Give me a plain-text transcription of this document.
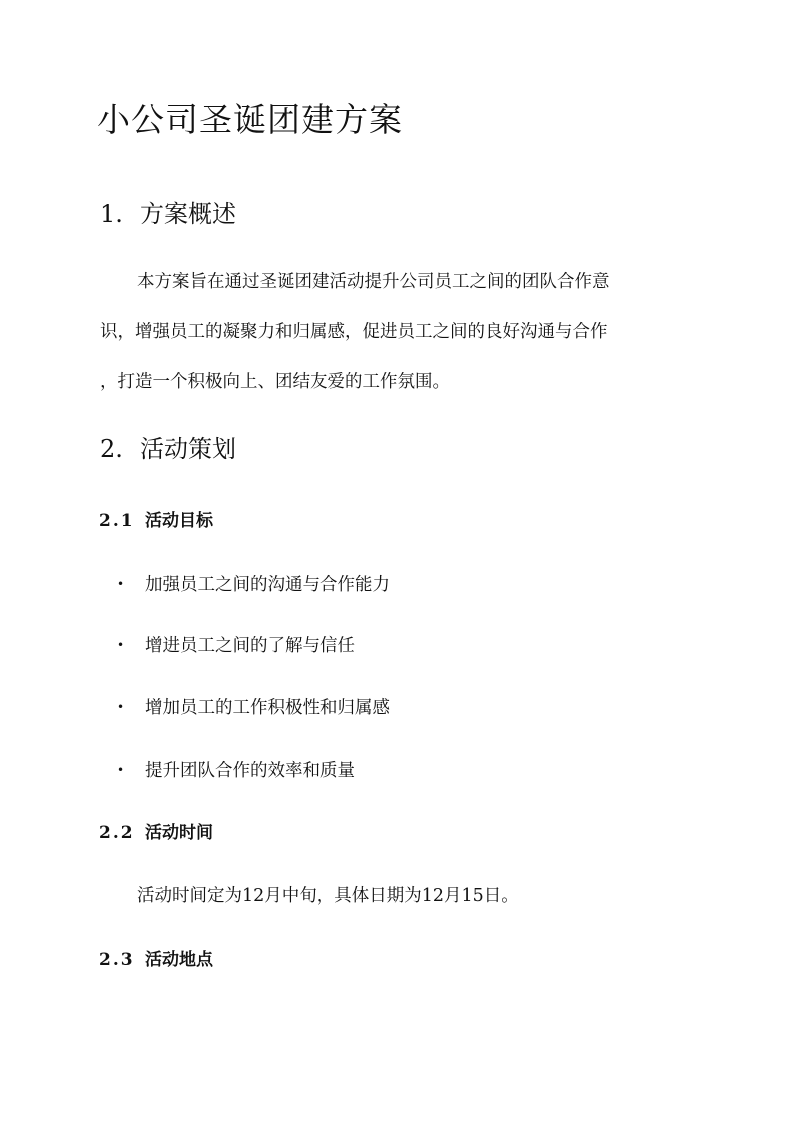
小公司圣诞团建方案
1. 方案概述
本方案旨在通过圣诞团建活动提升公司员工之间的团队合作意
识，增强员工的凝聚力和归属感，促进员工之间的良好沟通与合作
，打造一个积极向上、团结友爱的工作氛围。
2. 活动策划
2.1 活动目标
• 加强员工之间的沟通与合作能力
• 增进员工之间的了解与信任
• 增加员工的工作积极性和归属感
• 提升团队合作的效率和质量
2.2 活动时间
活动时间定为12月中旬，具体日期为12月15日。
2.3 活动地点
